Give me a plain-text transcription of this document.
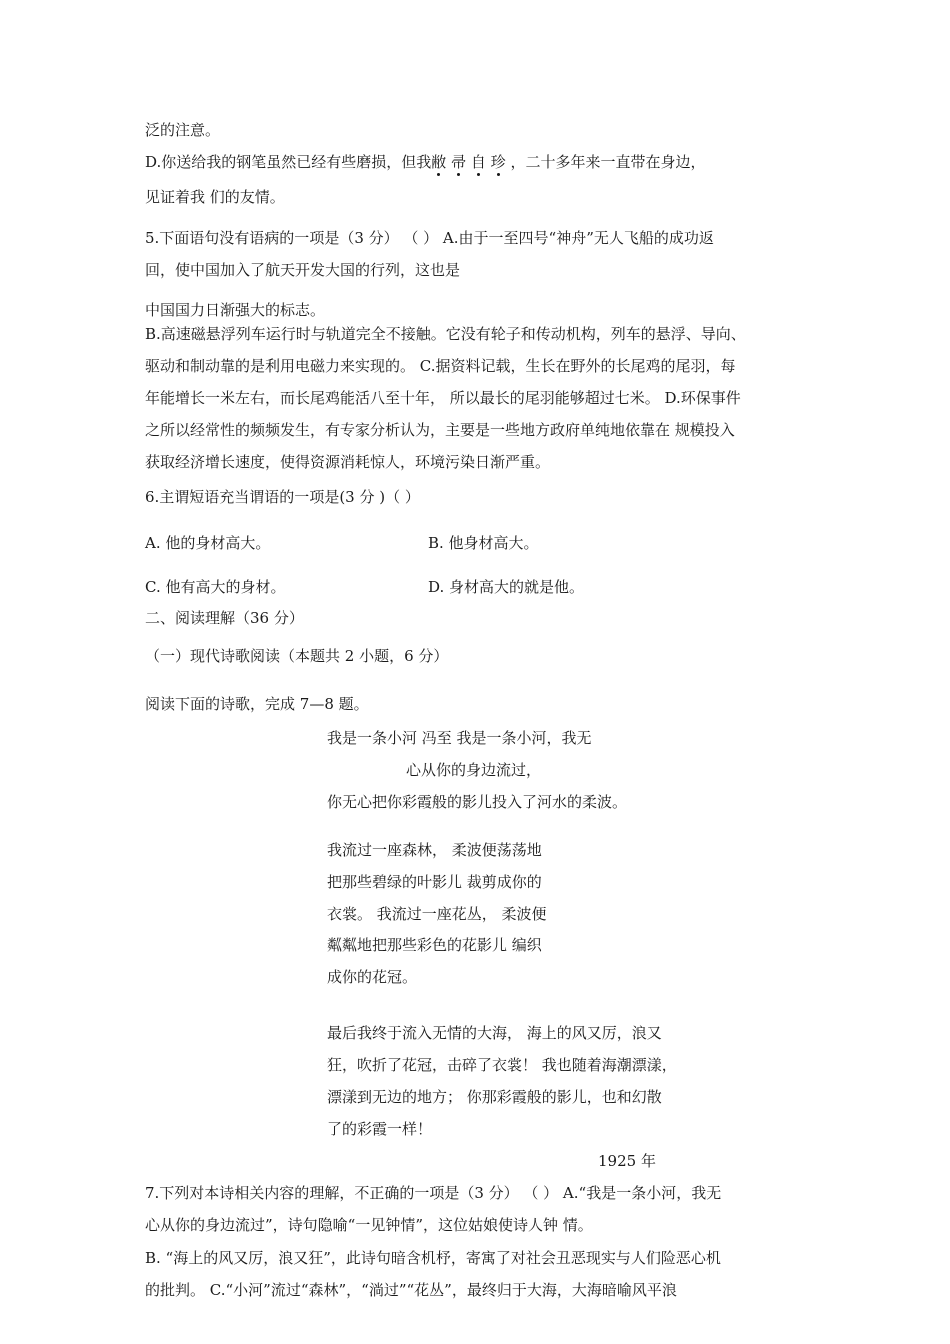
泛的注意。
D.你送给我的钢笔虽然已经有些磨损，但我敝 帚 自 珍 ，二十多年来一直带在身边，
见证着我 们的友情。
5.下面语句没有语病的一项是（3 分） （ ） A.由于一至四号“神舟”无人飞船的成功返
回，使中国加入了航天开发大国的行列，这也是
中国国力日渐强大的标志。
B.高速磁悬浮列车运行时与轨道完全不接触。它没有轮子和传动机构，列车的悬浮、导向、
驱动和制动靠的是利用电磁力来实现的。 C.据资料记载，生长在野外的长尾鸡的尾羽，每
年能增长一米左右，而长尾鸡能活八至十年， 所以最长的尾羽能够超过七米。 D.环保事件
之所以经常性的频频发生，有专家分析认为，主要是一些地方政府单纯地依靠在 规模投入
获取经济增长速度，使得资源消耗惊人，环境污染日渐严重。
6.主谓短语充当谓语的一项是(3 分 )（ ）
A. 他的身材高大。	B. 他身材高大。
C. 他有高大的身材。	D. 身材高大的就是他。
二、阅读理解（36 分）
（一）现代诗歌阅读（本题共 2 小题，6 分）
阅读下面的诗歌，完成 7—8 题。
我是一条小河 冯至 我是一条小河，我无
心从你的身边流过，
你无心把你彩霞般的影儿投入了河水的柔波。
我流过一座森林， 柔波便荡荡地
把那些碧绿的叶影儿 裁剪成你的
衣裳。 我流过一座花丛， 柔波便
粼粼地把那些彩色的花影儿 编织
成你的花冠。
最后我终于流入无情的大海， 海上的风又厉，浪又
狂，吹折了花冠，击碎了衣裳！ 我也随着海潮漂漾，
漂漾到无边的地方； 你那彩霞般的影儿，也和幻散
了的彩霞一样！
1925 年
7.下列对本诗相关内容的理解，不正确的一项是（3 分） （ ） A.“我是一条小河，我无
心从你的身边流过”，诗句隐喻“一见钟情”，这位姑娘使诗人钟 情。
B. “海上的风又厉，浪又狂”，此诗句暗含机杼，寄寓了对社会丑恶现实与人们险恶心机
的批判。 C.“小河”流过“森林”，“淌过”“花丛”，最终归于大海，大海暗喻风平浪
